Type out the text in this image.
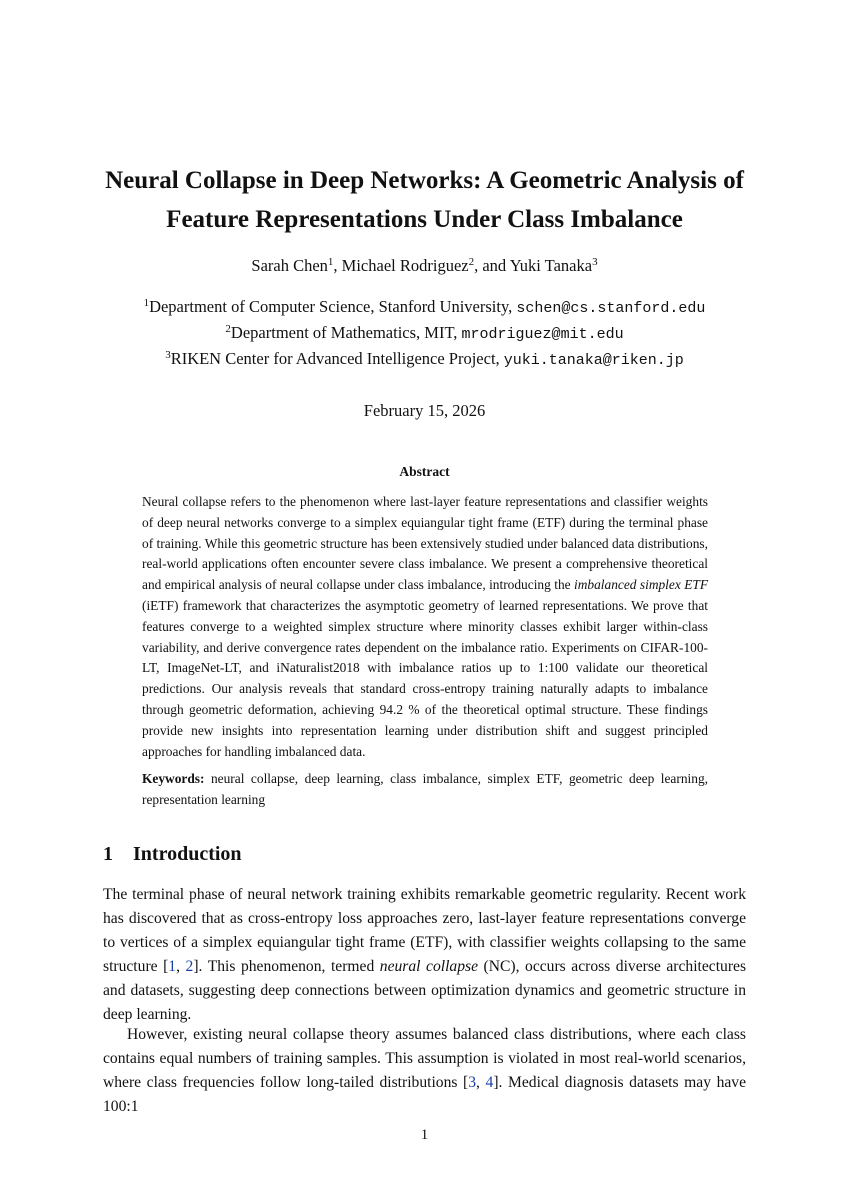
Neural Collapse in Deep Networks: A Geometric Analysis of
Feature Representations Under Class Imbalance
Sarah Chen$^1$, Michael Rodriguez$^2$, and Yuki Tanaka$^3$
$^1$Department of Computer Science, Stanford University, schen@cs.stanford.edu
$^2$Department of Mathematics, MIT, mrodriguez@mit.edu
$^3$RIKEN Center for Advanced Intelligence Project, yuki.tanaka@riken.jp
February 15, 2026
Abstract

Neural collapse refers to the phenomenon where last-layer feature representations and classifier weights of deep neural networks converge to a simplex equiangular tight frame (ETF) during the terminal phase of training. While this geometric structure has been extensively studied under balanced data distributions, real-world applications often encounter severe class imbalance. We present a comprehensive theoretical and empirical analysis of neural collapse under class imbalance, introducing the imbalanced simplex ETF (iETF) framework that characterizes the asymptotic geometry of learned representations. We prove that features converge to a weighted simplex structure where minority classes exhibit larger within-class variability, and derive convergence rates dependent on the imbalance ratio. Experiments on CIFAR-100-LT, ImageNet-LT, and iNaturalist2018 with imbalance ratios up to 1:100 validate our theoretical predictions. Our analysis reveals that standard cross-entropy training naturally adapts to imbalance through geometric deformation, achieving 94.2 % of the theoretical optimal structure. These findings provide new insights into representation learning under distribution shift and suggest principled approaches for handling imbalanced data.

Keywords: neural collapse, deep learning, class imbalance, simplex ETF, geometric deep learning, representation learning

1 Introduction

The terminal phase of neural network training exhibits remarkable geometric regularity. Recent work has discovered that as cross-entropy loss approaches zero, last-layer feature representations converge to vertices of a simplex equiangular tight frame (ETF), with classifier weights collapsing to the same structure [1, 2]. This phenomenon, termed neural collapse (NC), occurs across diverse architectures and datasets, suggesting deep connections between optimization dynamics and geometric structure in deep learning.

However, existing neural collapse theory assumes balanced class distributions, where each class contains equal numbers of training samples. This assumption is violated in most real-world scenarios, where class frequencies follow long-tailed distributions [3, 4]. Medical diagnosis datasets may have 100:1

1
